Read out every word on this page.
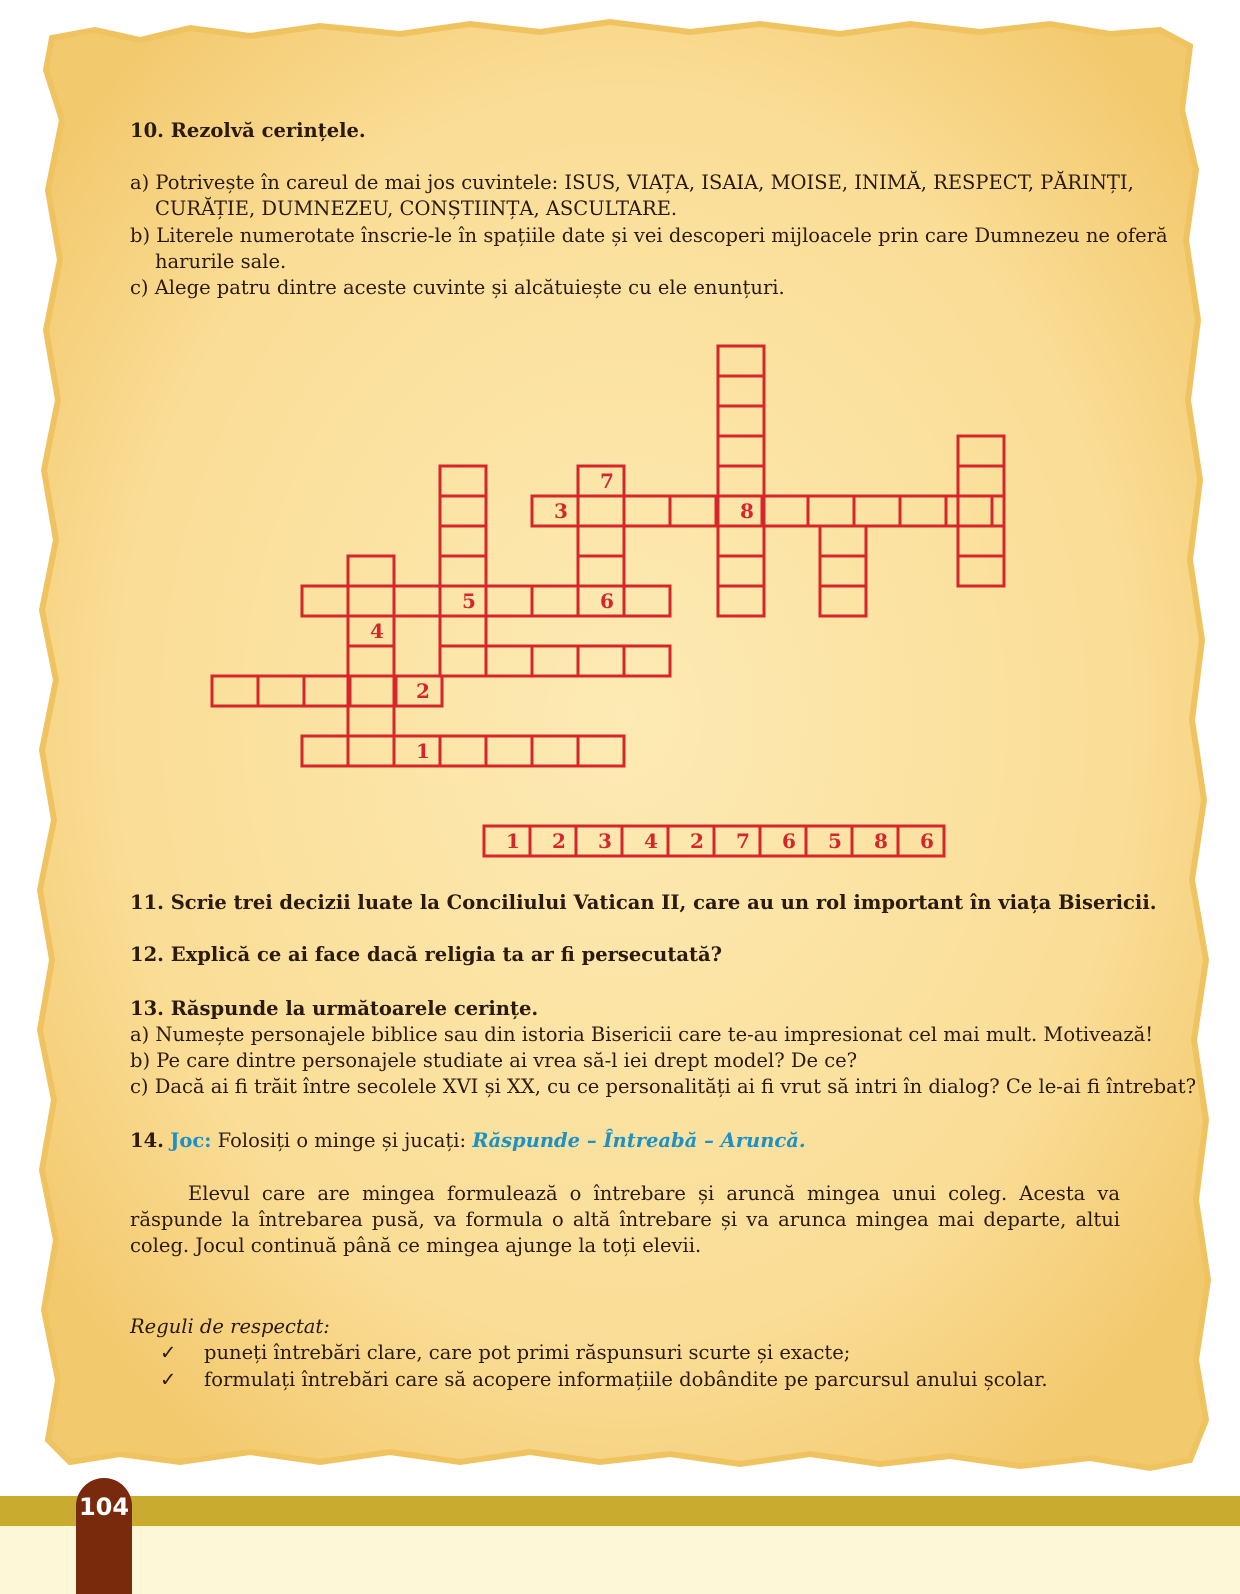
10. Rezolvă cerințele.
a) Potrivește în careul de mai jos cuvintele: ISUS, VIAȚA, ISAIA, MOISE, INIMĂ, RESPECT, PĂRINȚI,
CURĂȚIE, DUMNEZEU, CONȘTIINȚA, ASCULTARE.
b) Literele numerotate înscrie-le în spațiile date și vei descoperi mijloacele prin care Dumnezeu ne oferă
harurile sale.
c) Alege patru dintre aceste cuvinte și alcătuiește cu ele enunțuri.
7
3	8
5	6
4
2
1
1 2 3 4 2 7 6 5 8 6
11. Scrie trei decizii luate la Conciliului Vatican II, care au un rol important în viața Bisericii.
12. Explică ce ai face dacă religia ta ar fi persecutată?
13. Răspunde la următoarele cerințe.
a) Numește personajele biblice sau din istoria Bisericii care te-au impresionat cel mai mult. Motivează!
b) Pe care dintre personajele studiate ai vrea să-l iei drept model? De ce?
c) Dacă ai fi trăit între secolele XVI și XX, cu ce personalități ai fi vrut să intri în dialog? Ce le-ai fi întrebat?
14. Joc: Folosiți o minge și jucați: Răspunde – Întreabă – Aruncă.
Elevul care are mingea formulează o întrebare și aruncă mingea unui coleg. Acesta va răspunde la întrebarea pusă, va formula o altă întrebare și va arunca mingea mai departe, altui coleg. Jocul continuă până ce mingea ajunge la toți elevii.
Reguli de respectat:
✓ puneți întrebări clare, care pot primi răspunsuri scurte și exacte;
✓ formulați întrebări care să acopere informațiile dobândite pe parcursul anului școlar.
104
